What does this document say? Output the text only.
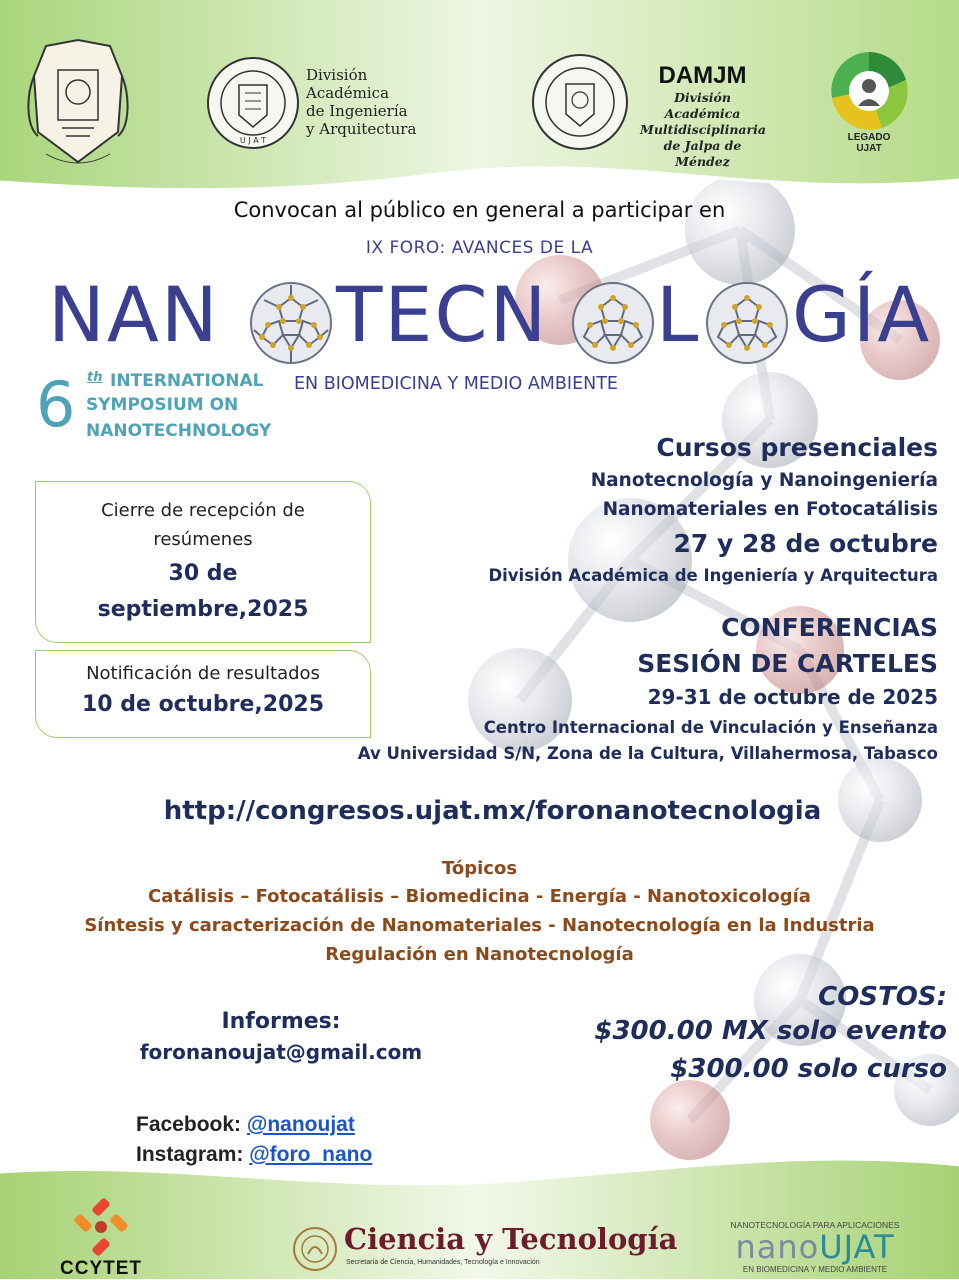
U J A T
División
Académica
de Ingeniería
y Arquitectura
DAMJM
División Académica
Multidisciplinaria
de Jalpa de Méndez
LEGADO
UJAT
Convocan al público en general a participar en
IX FORO: AVANCES DE LA
NAN TECN L GÍA
6 th INTERNATIONAL
SYMPOSIUM ON
NANOTECHNOLOGY
EN BIOMEDICINA Y MEDIO AMBIENTE
Cierre de recepción de resúmenes
30 de septiembre,2025
Notificación de resultados
10 de octubre,2025
Cursos presenciales
Nanotecnología y Nanoingeniería
Nanomateriales en Fotocatálisis
27 y 28 de octubre
División Académica de Ingeniería y Arquitectura
CONFERENCIAS
SESIÓN DE CARTELES
29-31 de octubre de 2025
Centro Internacional de Vinculación y Enseñanza
Av Universidad S/N, Zona de la Cultura, Villahermosa, Tabasco
http://congresos.ujat.mx/foronanotecnologia
Tópicos
Catálisis – Fotocatálisis – Biomedicina - Energía - Nanotoxicología
Síntesis y caracterización de Nanomateriales - Nanotecnología en la Industria
Regulación en Nanotecnología
Informes:
foronanoujat@gmail.com
COSTOS:
$300.00 MX solo evento
$300.00 solo curso
Facebook: @nanoujat
Instagram: @foro_nano
CCYTET
Ciencia y Tecnología
Secretaría de Ciencia, Humanidades, Tecnología e Innovación
NANOTECNOLOGÍA PARA APLICACIONES
nanoUJAT
EN BIOMEDICINA Y MEDIO AMBIENTE
